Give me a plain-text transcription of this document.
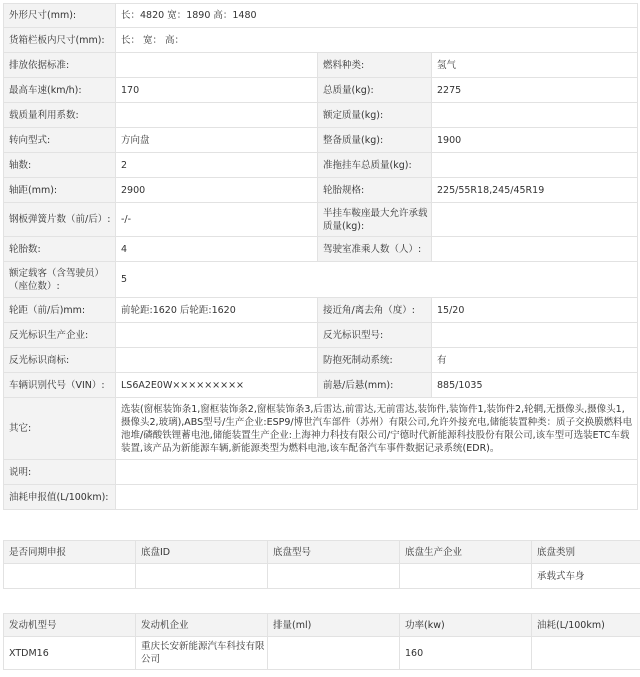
外形尺寸(mm):	长：4820 宽：1890 高：1480		
货箱栏板内尺寸(mm):	长： 宽： 高：		
排放依据标准:		燃料种类:	氢气
最高车速(km/h):	170	总质量(kg):	2275
载质量利用系数:		额定质量(kg):	
转向型式:	方向盘	整备质量(kg):	1900
轴数:	2	准拖挂车总质量(kg):	
轴距(mm):	2900	轮胎规格:	225/55R18,245/45R19
钢板弹簧片数（前/后）:	-/-	半挂车鞍座最大允许承载质量(kg):	
轮胎数:	4	驾驶室准乘人数（人）:	
额定载客（含驾驶员）（座位数）:	5		
轮距（前/后)mm:	前轮距:1620 后轮距:1620	接近角/离去角（度）:	15/20
反光标识生产企业:		反光标识型号:	
反光标识商标:		防抱死制动系统:	有
车辆识别代号（VIN）:	LS6A2E0W×××××××××	前悬/后悬(mm):	885/1035
其它:	选装(窗框装饰条1,窗框装饰条2,窗框装饰条3,后雷达,前雷达,无前雷达,装饰件,装饰件1,装饰件2,轮辋,无摄像头,摄像头1,摄像头2,玻璃),ABS型号/生产企业:ESP9/博世汽车部件（苏州）有限公司,允许外接充电,储能装置种类：质子交换膜燃料电池堆/磷酸铁锂蓄电池,储能装置生产企业:上海神力科技有限公司/宁德时代新能源科技股份有限公司,该车型可选装ETC车载装置,该产品为新能源车辆,新能源类型为燃料电池,该车配备汽车事件数据记录系统(EDR)。		
说明:			
油耗申报值(L/100km):			
是否同期申报	底盘ID	底盘型号	底盘生产企业	底盘类别
				承载式车身
发动机型号	发动机企业	排量(ml)	功率(kw)	油耗(L/100km)
XTDM16	重庆长安新能源汽车科技有限公司		160	
